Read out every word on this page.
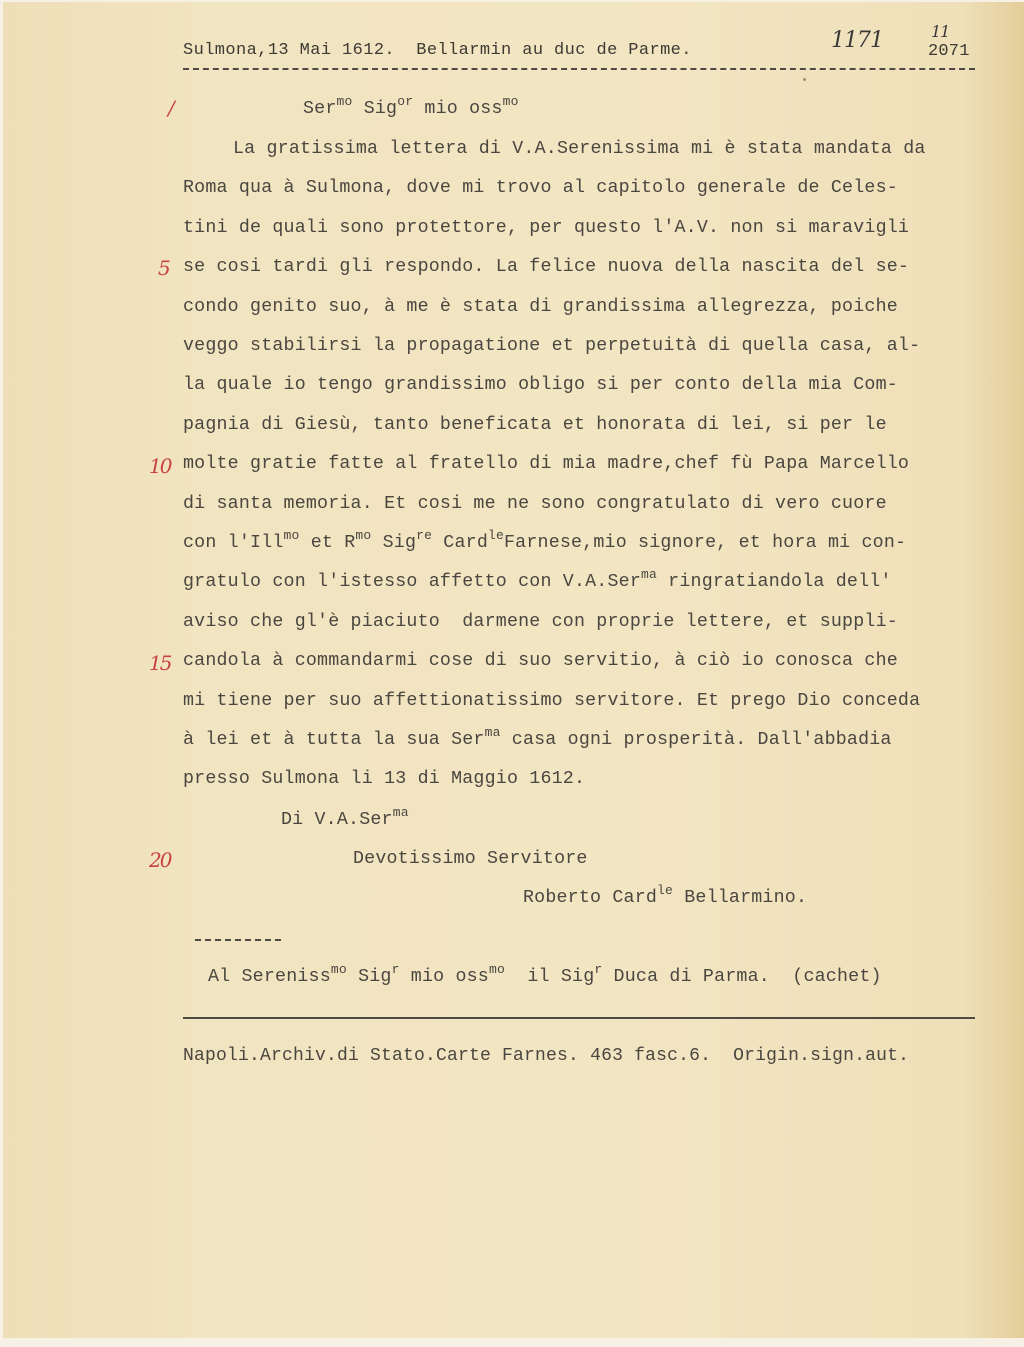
Sulmona,13 Mai 1612.  Bellarmin au duc de Parme.	1171	11
2071
/	Ser$^{mo}$ Sig$^{or}$ mio oss$^{mo}$
La gratissima lettera di V.A.Serenissima mi è stata mandata da
Roma qua à Sulmona, dove mi trovo al capitolo generale de Celes-
tini de quali sono protettore, per questo l'A.V. non si maravigli
se cosi tardi gli respondo. La felice nuova della nascita del se-
condo genito suo, à me è stata di grandissima allegrezza, poiche
veggo stabilirsi la propagatione et perpetuità di quella casa, al-
la quale io tengo grandissimo obligo si per conto della mia Com-
pagnia di Giesù, tanto beneficata et honorata di lei, si per le
molte gratie fatte al fratello di mia madre,chef fù Papa Marcello
di santa memoria. Et cosi me ne sono congratulato di vero cuore
con l'Ill$^{mo}$ et $R^{mo}$ Sig$^{re}$ Card$^{le}$Farnese,mio signore, et hora mi con-
gratulo con l'istesso affetto con V.A.Ser$^{ma}$ ringratiandola dell'
aviso che gl'è piaciuto  darmene con proprie lettere, et suppli-
candola à commandarmi cose di suo servitio, à ciò io conosca che
mi tiene per suo affettionatissimo servitore. Et prego Dio conceda
à lei et à tutta la sua Ser$^{ma}$ casa ogni prosperità. Dall'abbadia
presso Sulmona li 13 di Maggio 1612.
5
10
15
20
Di V.A.Ser$^{ma}$
Devotissimo Servitore
Roberto Card$^{le}$ Bellarmino.
Al Sereniss$^{mo}$ Sig$^r$ mio oss$^{mo}$  il Sig$^r$ Duca di Parma.  (cachet)
Napoli.Archiv.di Stato.Carte Farnes. 463 fasc.6.  Origin.sign.aut.
